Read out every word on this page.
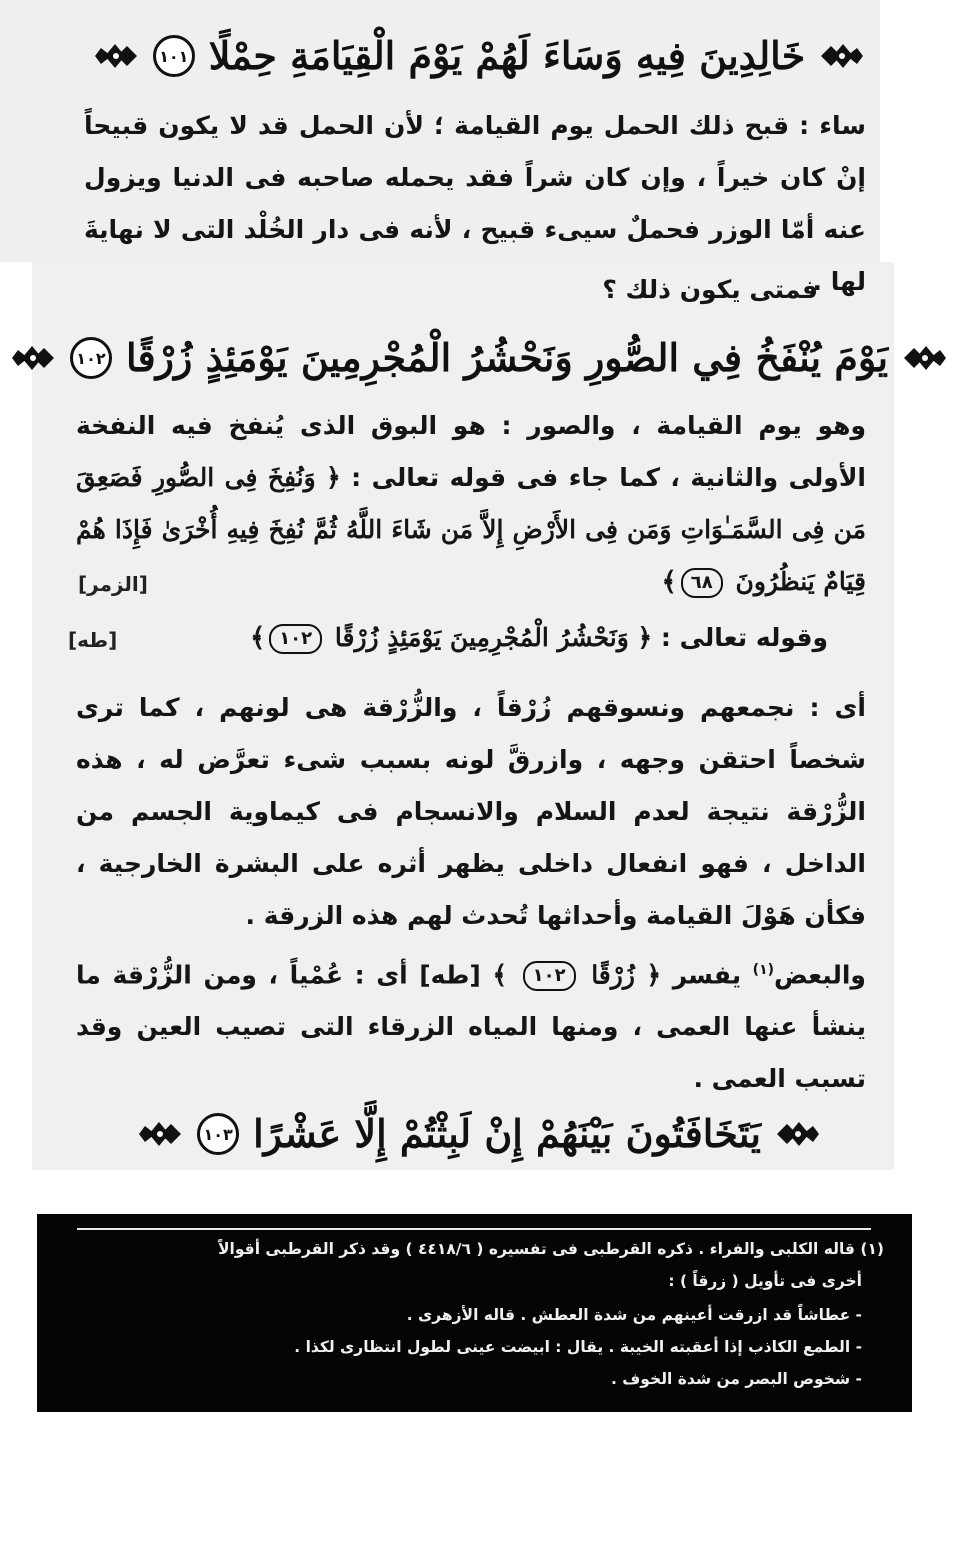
خَالِدِينَ فِيهِ وَسَاءَ لَهُمْ يَوْمَ الْقِيَامَةِ حِمْلًا
١٠١
ساء : قبح ذلك الحمل يوم القيامة ؛ لأن الحمل قد لا يكون قبيحاً إنْ كان خيراً ، وإن كان شراً فقد يحمله صاحبه فى الدنيا ويزول عنه أمّا الوزر فحملٌ سيىء قبيح ، لأنه فى دار الخُلْد التى لا نهايةَ لها .
فمتى يكون ذلك ؟
يَوْمَ يُنْفَخُ فِي الصُّورِ وَنَحْشُرُ الْمُجْرِمِينَ يَوْمَئِذٍ زُرْقًا
١٠٢
وهو يوم القيامة ، والصور : هو البوق الذى يُنفخ فيه النفخة الأولى والثانية ، كما جاء فى قوله تعالى : ﴿ وَنُفِخَ فِى الصُّورِ فَصَعِقَ مَن فِى السَّمَـٰوَاتِ وَمَن فِى الأَرْضِ إِلاَّ مَن شَاءَ اللَّهُ ثُمَّ نُفِخَ فِيهِ أُخْرَىٰ فَإِذَا هُمْ قِيَامٌ يَنظُرُونَ ٦٨﴾
[الزمر]
وقوله تعالى : ﴿ وَنَحْشُرُ الْمُجْرِمِينَ يَوْمَئِذٍ زُرْقًا ١٠٢﴾
[طه]
أى : نجمعهم ونسوقهم زُرْقاً ، والزُّرْقة هى لونهم ، كما ترى شخصاً احتقن وجهه ، وازرقَّ لونه بسبب شىء تعرَّض له ، هذه الزُّرْقة نتيجة لعدم السلام والانسجام فى كيماوية الجسم من الداخل ، فهو انفعال داخلى يظهر أثره على البشرة الخارجية ، فكأن هَوْلَ القيامة وأحداثها تُحدث لهم هذه الزرقة .
والبعض$^{(١)}$ يفسر ﴿ زُرْقًا ١٠٢ ﴾ [طه] أى : عُمْياً ، ومن الزُّرْقة ما ينشأ عنها العمى ، ومنها المياه الزرقاء التى تصيب العين وقد تسبب العمى .
يَتَخَافَتُونَ بَيْنَهُمْ إِنْ لَبِثْتُمْ إِلَّا عَشْرًا
١٠٣
(١) قاله الكلبى والفراء . ذكره القرطبى فى تفسيره ( ٤٤١٨/٦ ) وقد ذكر القرطبى أقوالاً
أخرى فى تأويل ( زرقاً ) :
- عطاشاً قد ازرقت أعينهم من شدة العطش . قاله الأزهرى .
- الطمع الكاذب إذا أعقبته الخيبة . يقال : ابيضت عينى لطول انتظارى لكذا .
- شخوص البصر من شدة الخوف .
